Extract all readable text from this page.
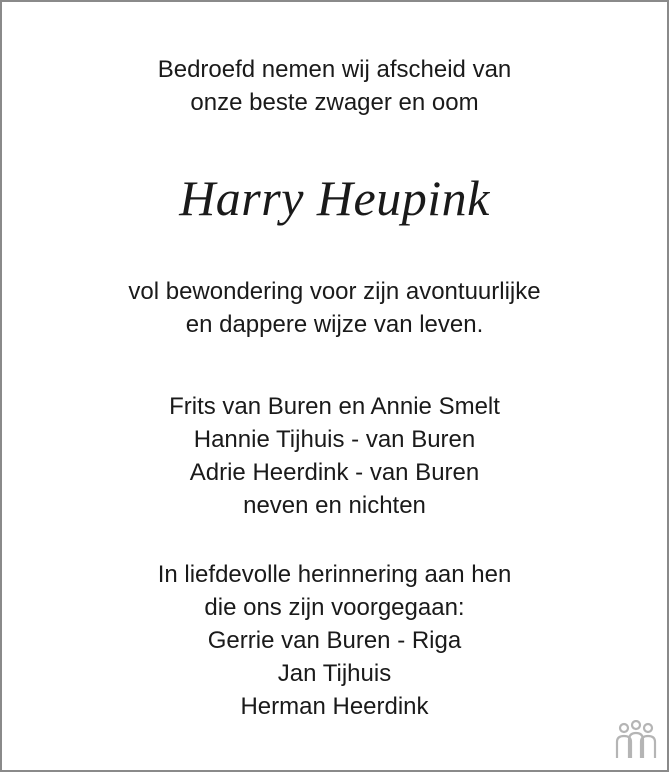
Bedroefd nemen wij afscheid van
onze beste zwager en oom
Harry Heupink
vol bewondering voor zijn avontuurlijke
en dappere wijze van leven.
Frits van Buren en Annie Smelt
Hannie Tijhuis - van Buren
Adrie Heerdink - van Buren
neven en nichten
In liefdevolle herinnering aan hen
die ons zijn voorgegaan:
Gerrie van Buren - Riga
Jan Tijhuis
Herman Heerdink
